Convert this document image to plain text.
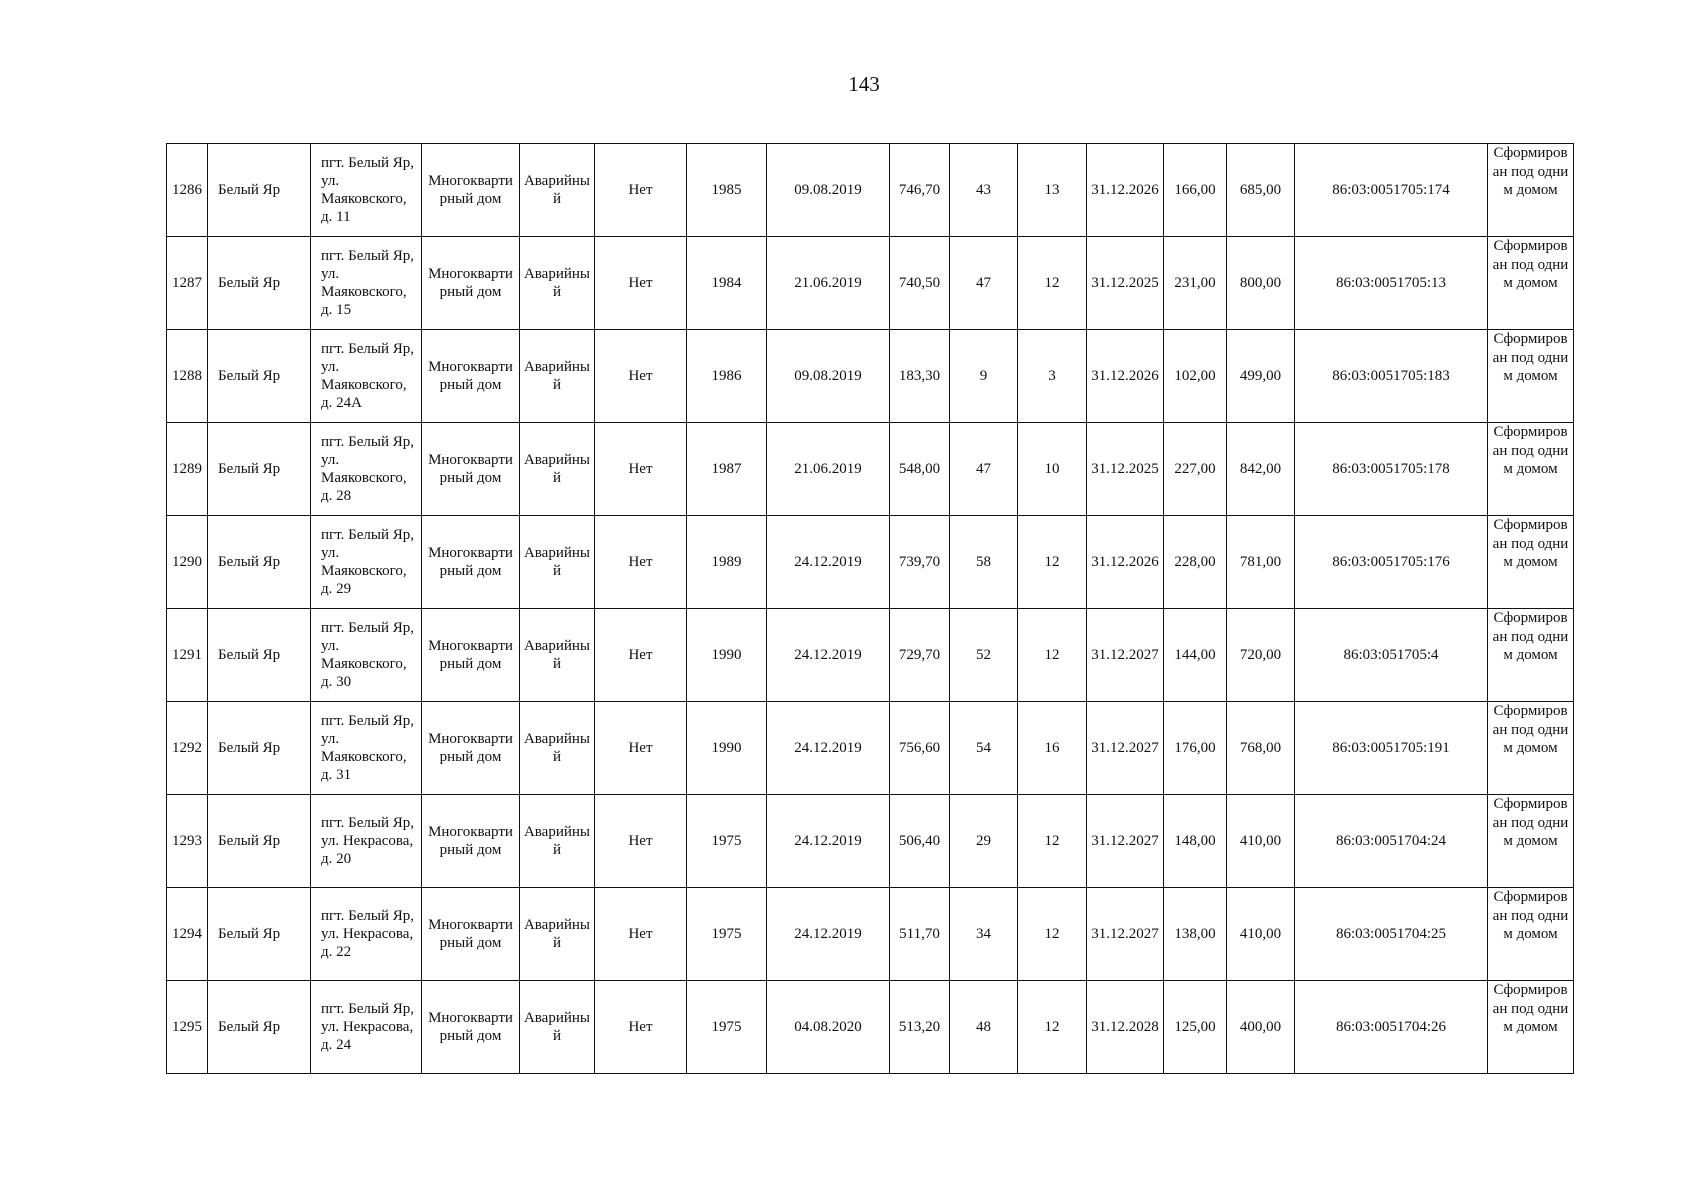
143
1286	Белый Яр	пгт. Белый Яр, ул. Маяковского, д. 11	Многоквартирный дом	Аварийный	Нет	1985	09.08.2019	746,70	43	13	31.12.2026	166,00	685,00	86:03:0051705:174	Сформирован под одним домом
1287	Белый Яр	пгт. Белый Яр, ул. Маяковского, д. 15	Многоквартирный дом	Аварийный	Нет	1984	21.06.2019	740,50	47	12	31.12.2025	231,00	800,00	86:03:0051705:13	Сформирован под одним домом
1288	Белый Яр	пгт. Белый Яр, ул. Маяковского, д. 24А	Многоквартирный дом	Аварийный	Нет	1986	09.08.2019	183,30	9	3	31.12.2026	102,00	499,00	86:03:0051705:183	Сформирован под одним домом
1289	Белый Яр	пгт. Белый Яр, ул. Маяковского, д. 28	Многоквартирный дом	Аварийный	Нет	1987	21.06.2019	548,00	47	10	31.12.2025	227,00	842,00	86:03:0051705:178	Сформирован под одним домом
1290	Белый Яр	пгт. Белый Яр, ул. Маяковского, д. 29	Многоквартирный дом	Аварийный	Нет	1989	24.12.2019	739,70	58	12	31.12.2026	228,00	781,00	86:03:0051705:176	Сформирован под одним домом
1291	Белый Яр	пгт. Белый Яр, ул. Маяковского, д. 30	Многоквартирный дом	Аварийный	Нет	1990	24.12.2019	729,70	52	12	31.12.2027	144,00	720,00	86:03:051705:4	Сформирован под одним домом
1292	Белый Яр	пгт. Белый Яр, ул. Маяковского, д. 31	Многоквартирный дом	Аварийный	Нет	1990	24.12.2019	756,60	54	16	31.12.2027	176,00	768,00	86:03:0051705:191	Сформирован под одним домом
1293	Белый Яр	пгт. Белый Яр, ул. Некрасова, д. 20	Многоквартирный дом	Аварийный	Нет	1975	24.12.2019	506,40	29	12	31.12.2027	148,00	410,00	86:03:0051704:24	Сформирован под одним домом
1294	Белый Яр	пгт. Белый Яр, ул. Некрасова, д. 22	Многоквартирный дом	Аварийный	Нет	1975	24.12.2019	511,70	34	12	31.12.2027	138,00	410,00	86:03:0051704:25	Сформирован под одним домом
1295	Белый Яр	пгт. Белый Яр, ул. Некрасова, д. 24	Многоквартирный дом	Аварийный	Нет	1975	04.08.2020	513,20	48	12	31.12.2028	125,00	400,00	86:03:0051704:26	Сформирован под одним домом
